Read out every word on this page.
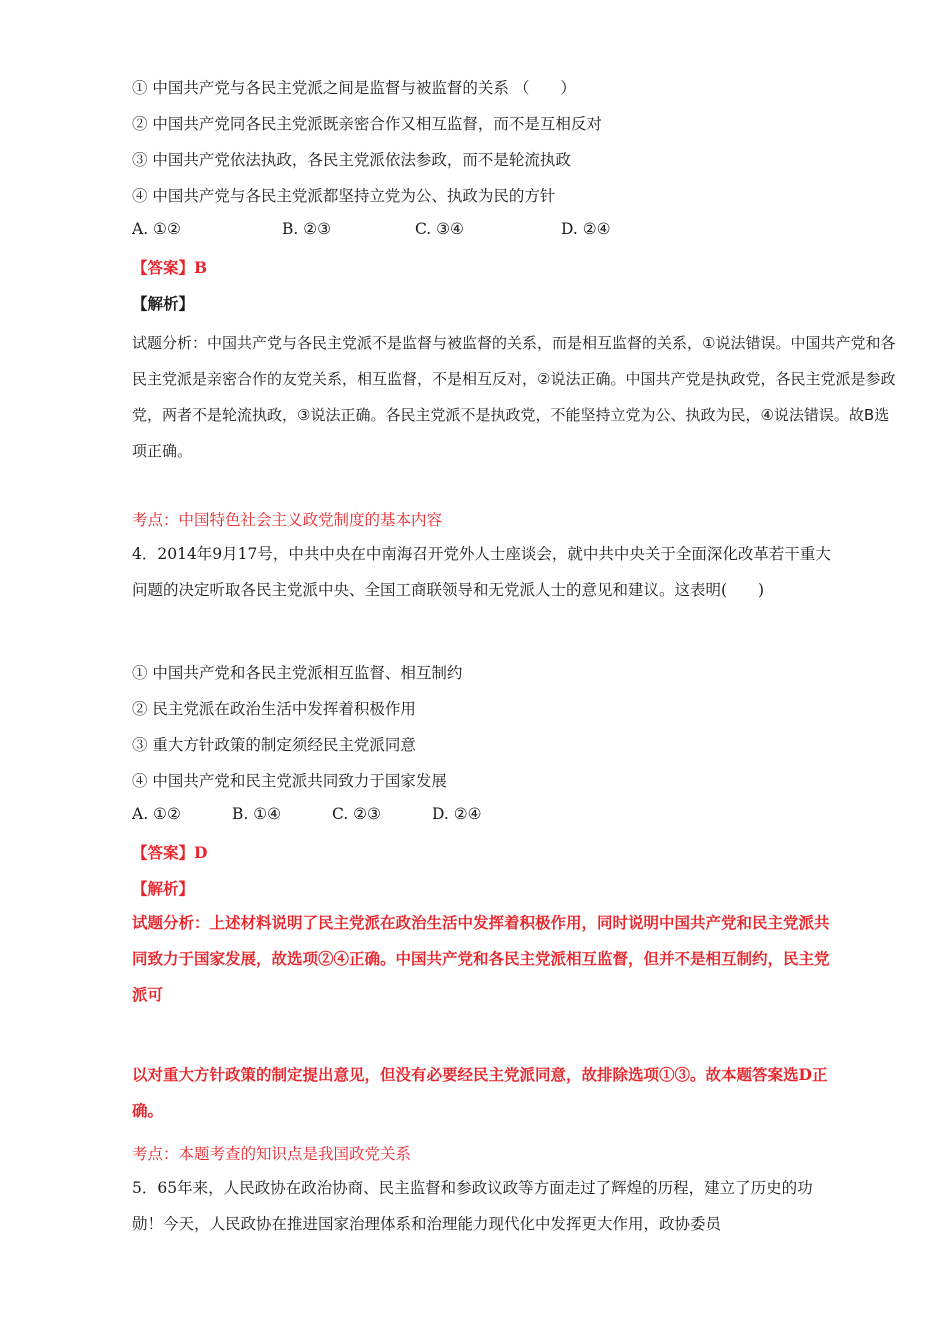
① 中国共产党与各民主党派之间是监督与被监督的关系 （　　）
② 中国共产党同各民主党派既亲密合作又相互监督，而不是互相反对
③ 中国共产党依法执政，各民主党派依法参政，而不是轮流执政
④ 中国共产党与各民主党派都坚持立党为公、执政为民的方针
A. ①②	B. ②③	C. ③④	D. ②④
【答案】B
【解析】
试题分析：中国共产党与各民主党派不是监督与被监督的关系，而是相互监督的关系，①说法错误。中国共产党和各民主党派是亲密合作的友党关系，相互监督，不是相互反对，②说法正确。中国共产党是执政党，各民主党派是参政党，两者不是轮流执政，③说法正确。各民主党派不是执政党，不能坚持立党为公、执政为民，④说法错误。故B选项正确。
考点：中国特色社会主义政党制度的基本内容
4．2014年9月17号，中共中央在中南海召开党外人士座谈会，就中共中央关于全面深化改革若干重大问题的决定听取各民主党派中央、全国工商联领导和无党派人士的意见和建议。这表明(　　)
① 中国共产党和各民主党派相互监督、相互制约
② 民主党派在政治生活中发挥着积极作用
③ 重大方针政策的制定须经民主党派同意
④ 中国共产党和民主党派共同致力于国家发展
A. ①②	B. ①④	C. ②③	D. ②④
【答案】D
【解析】
试题分析：上述材料说明了民主党派在政治生活中发挥着积极作用，同时说明中国共产党和民主党派共同致力于国家发展，故选项②④正确。中国共产党和各民主党派相互监督，但并不是相互制约，民主党派可
以对重大方针政策的制定提出意见，但没有必要经民主党派同意，故排除选项①③。故本题答案选D正确。
考点：本题考查的知识点是我国政党关系
5．65年来，人民政协在政治协商、民主监督和参政议政等方面走过了辉煌的历程，建立了历史的功勋！今天，人民政协在推进国家治理体系和治理能力现代化中发挥更大作用，政协委员
